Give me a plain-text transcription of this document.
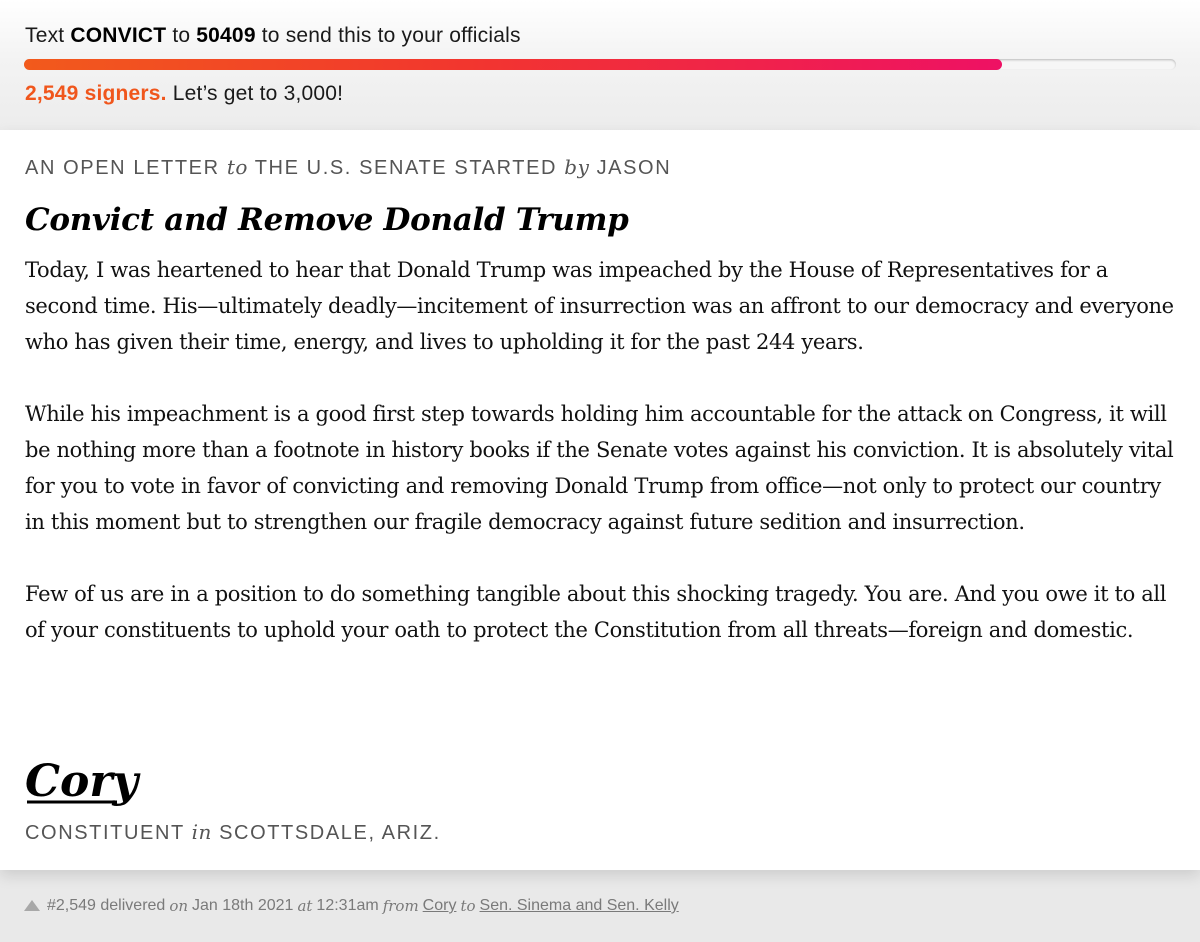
Text CONVICT to 50409 to send this to your officials
2,549 signers. Let’s get to 3,000!
AN OPEN LETTER to THE U.S. SENATE STARTED by JASON
Convict and Remove Donald Trump

Today, I was heartened to hear that Donald Trump was impeached by the House of Representatives for a second time. His—ultimately deadly—incitement of insurrection was an affront to our democracy and everyone who has given their time, energy, and lives to upholding it for the past 244 years.

While his impeachment is a good first step towards holding him accountable for the attack on Congress, it will be nothing more than a footnote in history books if the Senate votes against his conviction. It is absolutely vital for you to vote in favor of convicting and removing Donald Trump from office—not only to protect our country in this moment but to strengthen our fragile democracy against future sedition and insurrection.

Few of us are in a position to do something tangible about this shocking tragedy. You are. And you owe it to all of your constituents to uphold your oath to protect the Constitution from all threats—foreign and domestic.

Cory
CONSTITUENT in SCOTTSDALE, ARIZ.
#2,549 delivered on Jan 18th 2021 at 12:31am from Cory to Sen. Sinema and Sen. Kelly
